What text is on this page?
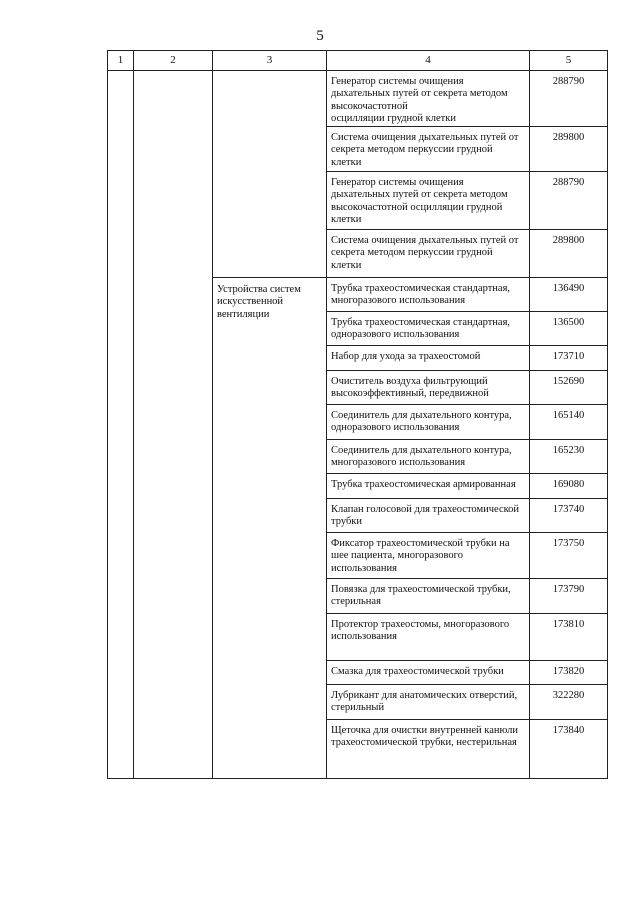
5
1	2	3	4	5
			Генератор системы очищения
дыхательных путей от секрета методом
высокочастотной
осцилляции грудной клетки	288790
			Система очищения дыхательных путей от
секрета методом перкуссии грудной
клетки	289800
			Генератор системы очищения
дыхательных путей от секрета методом
высокочастотной осцилляции грудной
клетки	288790
			Система очищения дыхательных путей от
секрета методом перкуссии грудной
клетки	289800
		Устройства систем
искусственной
вентиляции	Трубка трахеостомическая стандартная,
многоразового использования	136490
			Трубка трахеостомическая стандартная,
одноразового использования	136500
			Набор для ухода за трахеостомой	173710
			Очиститель воздуха фильтрующий
высокоэффективный, передвижной	152690
			Соединитель для дыхательного контура,
одноразового использования	165140
			Соединитель для дыхательного контура,
многоразового использования	165230
			Трубка трахеостомическая армированная	169080
			Клапан голосовой для трахеостомической
трубки	173740
			Фиксатор трахеостомической трубки на
шее пациента, многоразового
использования	173750
			Повязка для трахеостомической трубки,
стерильная	173790
			Протектор трахеостомы, многоразового
использования	173810
			Смазка для трахеостомической трубки	173820
			Лубрикант для анатомических отверстий,
стерильный	322280
			Щеточка для очистки внутренней канюли
трахеостомической трубки, нестерильная	173840
